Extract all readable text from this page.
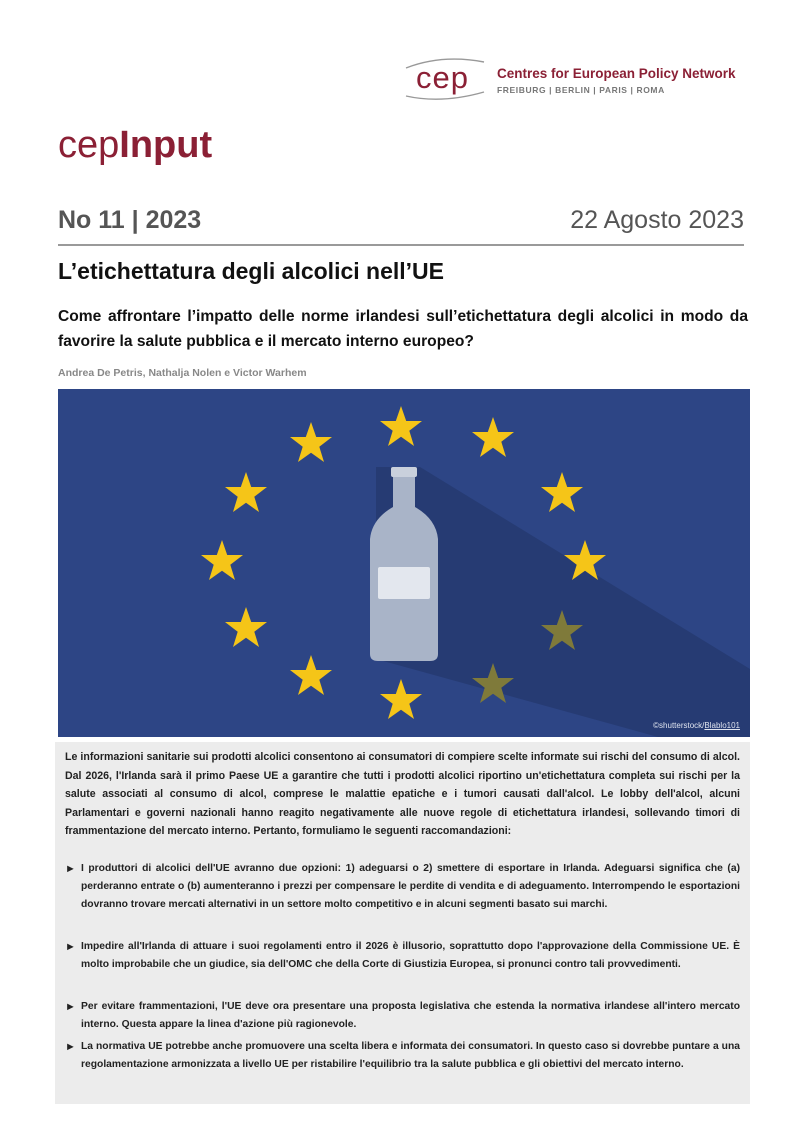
cep Centres for European Policy Network
FREIBURG | BERLIN | PARIS | ROMA
cepInput
No 11 | 2023	22 Agosto 2023
L’etichettatura degli alcolici nell’UE
Come affrontare l’impatto delle norme irlandesi sull’etichettatura degli alcolici in modo da favorire la salute pubblica e il mercato interno europeo?
Andrea De Petris, Nathalja Nolen e Victor Warhem
©shutterstock/Blablo101
Le informazioni sanitarie sui prodotti alcolici consentono ai consumatori di compiere scelte informate sui rischi del consumo di alcol. Dal 2026, l'Irlanda sarà il primo Paese UE a garantire che tutti i prodotti alcolici riportino un'etichettatura completa sui rischi per la salute associati al consumo di alcol, comprese le malattie epatiche e i tumori causati dall'alcol. Le lobby dell'alcol, alcuni Parlamentari e governi nazionali hanno reagito negativamente alle nuove regole di etichettatura irlandesi, sollevando timori di frammentazione del mercato interno. Pertanto, formuliamo le seguenti raccomandazioni:
► I produttori di alcolici dell'UE avranno due opzioni: 1) adeguarsi o 2) smettere di esportare in Irlanda. Adeguarsi significa che (a) perderanno entrate o (b) aumenteranno i prezzi per compensare le perdite di vendita e di adeguamento. Interrompendo le esportazioni dovranno trovare mercati alternativi in un settore molto competitivo e in alcuni segmenti basato sui marchi.
► Impedire all'Irlanda di attuare i suoi regolamenti entro il 2026 è illusorio, soprattutto dopo l'approvazione della Commissione UE. È molto improbabile che un giudice, sia dell'OMC che della Corte di Giustizia Europea, si pronunci contro tali provvedimenti.
► Per evitare frammentazioni, l'UE deve ora presentare una proposta legislativa che estenda la normativa irlandese all'intero mercato interno. Questa appare la linea d'azione più ragionevole.
► La normativa UE potrebbe anche promuovere una scelta libera e informata dei consumatori. In questo caso si dovrebbe puntare a una regolamentazione armonizzata a livello UE per ristabilire l'equilibrio tra la salute pubblica e gli obiettivi del mercato interno.
